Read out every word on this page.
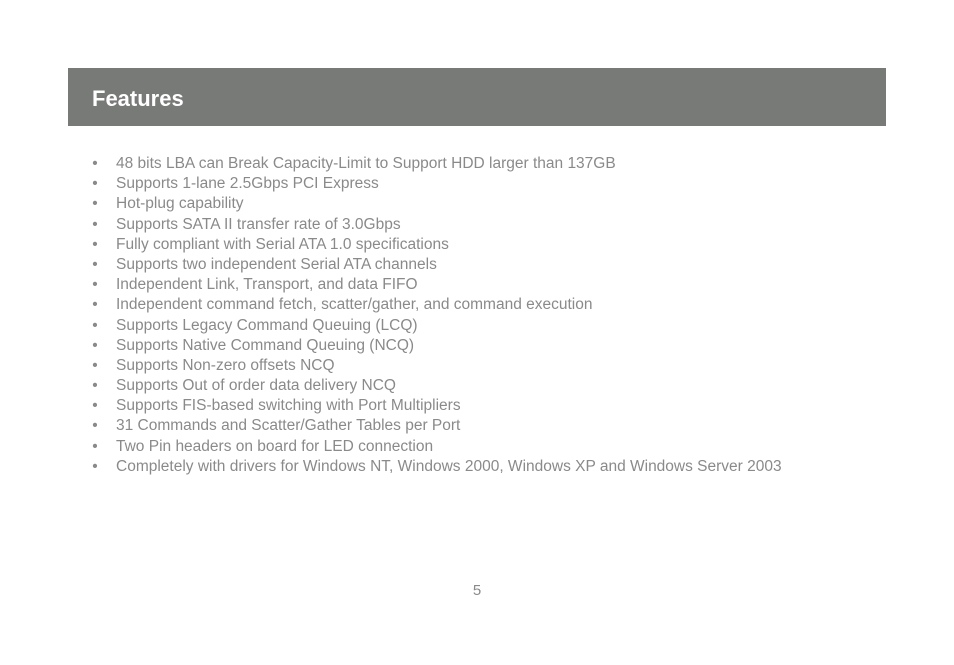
Features
• 48 bits LBA can Break Capacity-Limit to Support HDD larger than 137GB
• Supports 1-lane 2.5Gbps PCI Express
• Hot-plug capability
• Supports SATA II transfer rate of 3.0Gbps
• Fully compliant with Serial ATA 1.0 specifications
• Supports two independent Serial ATA channels
• Independent Link, Transport, and data FIFO
• Independent command fetch, scatter/gather, and command execution
• Supports Legacy Command Queuing (LCQ)
• Supports Native Command Queuing (NCQ)
• Supports Non-zero offsets NCQ
• Supports Out of order data delivery NCQ
• Supports FIS-based switching with Port Multipliers
• 31 Commands and Scatter/Gather Tables per Port
• Two Pin headers on board for LED connection
• Completely with drivers for Windows NT, Windows 2000, Windows XP and Windows Server 2003
5
